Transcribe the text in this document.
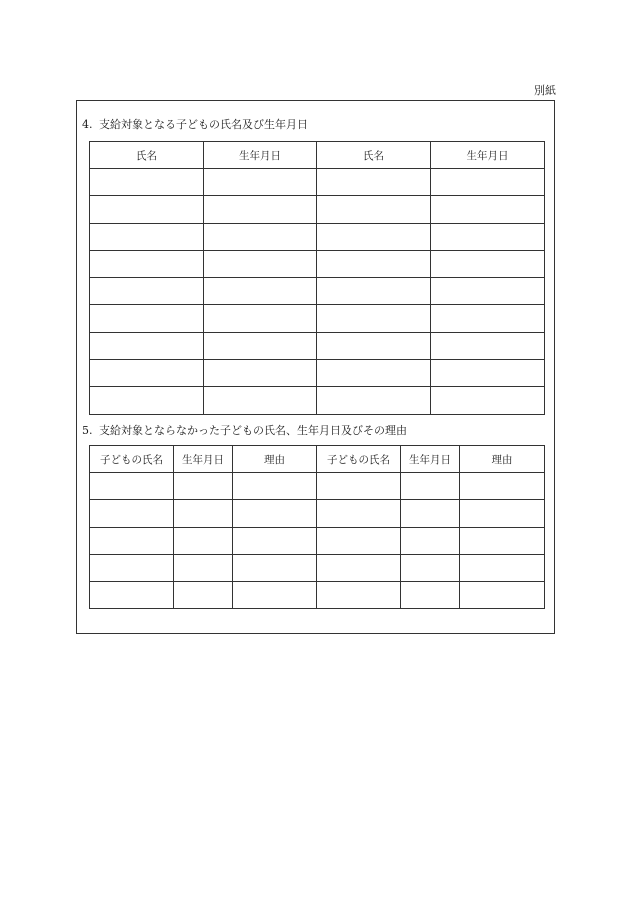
別紙
4. 支給対象となる子どもの氏名及び生年月日
氏名	生年月日	氏名	生年月日

5. 支給対象とならなかった子どもの氏名、生年月日及びその理由
子どもの氏名	生年月日	理由	子どもの氏名	生年月日	理由
